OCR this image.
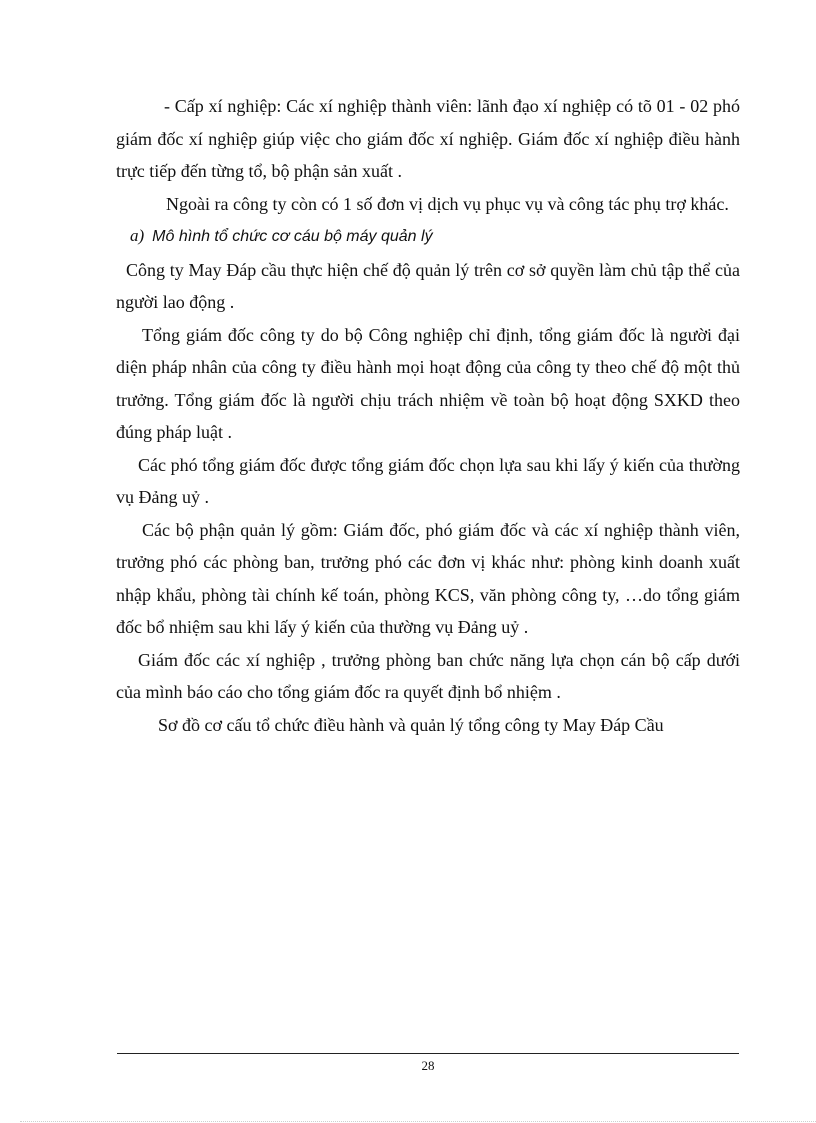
- Cấp xí nghiệp: Các xí nghiệp thành viên: lãnh đạo xí nghiệp có tõ 01 - 02 phó giám đốc xí nghiệp giúp việc cho giám đốc xí nghiệp. Giám đốc xí nghiệp điều hành trực tiếp đến từng tổ, bộ phận sản xuất .

Ngoài ra công ty còn có 1 số đơn vị dịch vụ phục vụ và công tác phụ trợ khác.

a) Mô hình tổ chức cơ cáu bộ máy quản lý

Công ty May Đáp cầu thực hiện chế độ quản lý trên cơ sở quyền làm chủ tập thể của người lao động .

Tổng giám đốc công ty do bộ Công nghiệp chỉ định, tổng giám đốc là người đại diện pháp nhân của công ty điều hành mọi hoạt động của công ty theo chế độ một thủ trưởng. Tổng giám đốc là người chịu trách nhiệm về toàn bộ hoạt động SXKD theo đúng pháp luật .

Các phó tổng giám đốc được tổng giám đốc chọn lựa sau khi lấy ý kiến của thường vụ Đảng uỷ .

Các bộ phận quản lý gồm: Giám đốc, phó giám đốc và các xí nghiệp thành viên, trưởng phó các phòng ban, trưởng phó các đơn vị khác như: phòng kinh doanh xuất nhập khẩu, phòng tài chính kế toán, phòng KCS, văn phòng công ty, …do tổng giám đốc bổ nhiệm sau khi lấy ý kiến của thường vụ Đảng uỷ .

Giám đốc các xí nghiệp , trưởng phòng ban chức năng lựa chọn cán bộ cấp dưới của mình báo cáo cho tổng giám đốc ra quyết định bổ nhiệm .

Sơ đồ cơ cấu tổ chức điều hành và quản lý tổng công ty May Đáp Cầu

28
